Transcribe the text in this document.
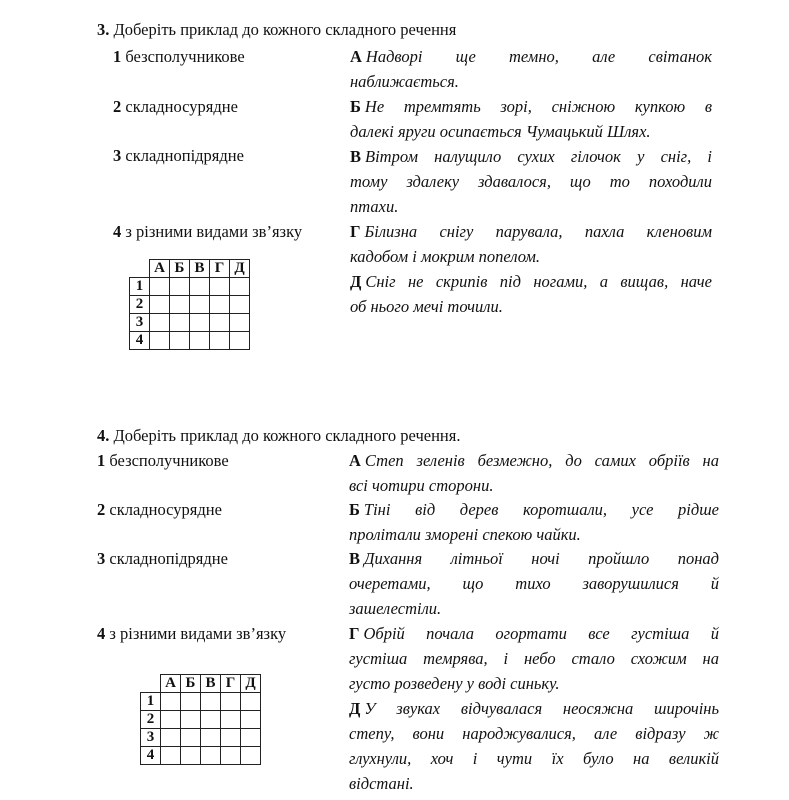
3. Доберіть приклад до кожного складного речення
1 безсполучникове
2 складносурядне
3 складнопідрядне
4 з різними видами зв’язку
А Надворі ще темно, але світанок
наближається.
Б Не тремтять зорі, сніжною купкою в
далекі яруги осипається Чумацький Шлях.
В Вітром налущило сухих гілочок у сніг, і
тому здалеку здавалося, що то походили
птахи.
Г Білизна снігу парувала, пахла кленовим
кадобом і мокрим попелом.
Д Сніг не скрипів під ногами, а вищав, наче
об нього мечі точили.
	А	Б	В	Г	Д
1					
2					
3					
4					
4. Доберіть приклад до кожного складного речення.
1 безсполучникове
2 складносурядне
3 складнопідрядне
4 з різними видами зв’язку
А Степ зеленів безмежно, до самих обріїв на
всі чотири сторони.
Б Тіні від дерев коротшали, усе рідше
пролітали зморені спекою чайки.
В Дихання літньої ночі пройшло понад
очеретами, що тихо заворушилися й
зашелестіли.
Г Обрій почала огортати все густіша й
густіша темрява, і небо стало схожим на
густо розведену у воді синьку.
Д У звуках відчувалася неосяжна широчінь
степу, вони народжувалися, але відразу ж
глухнули, хоч і чути їх було на великій
відстані.
	А	Б	В	Г	Д
1					
2					
3					
4					
